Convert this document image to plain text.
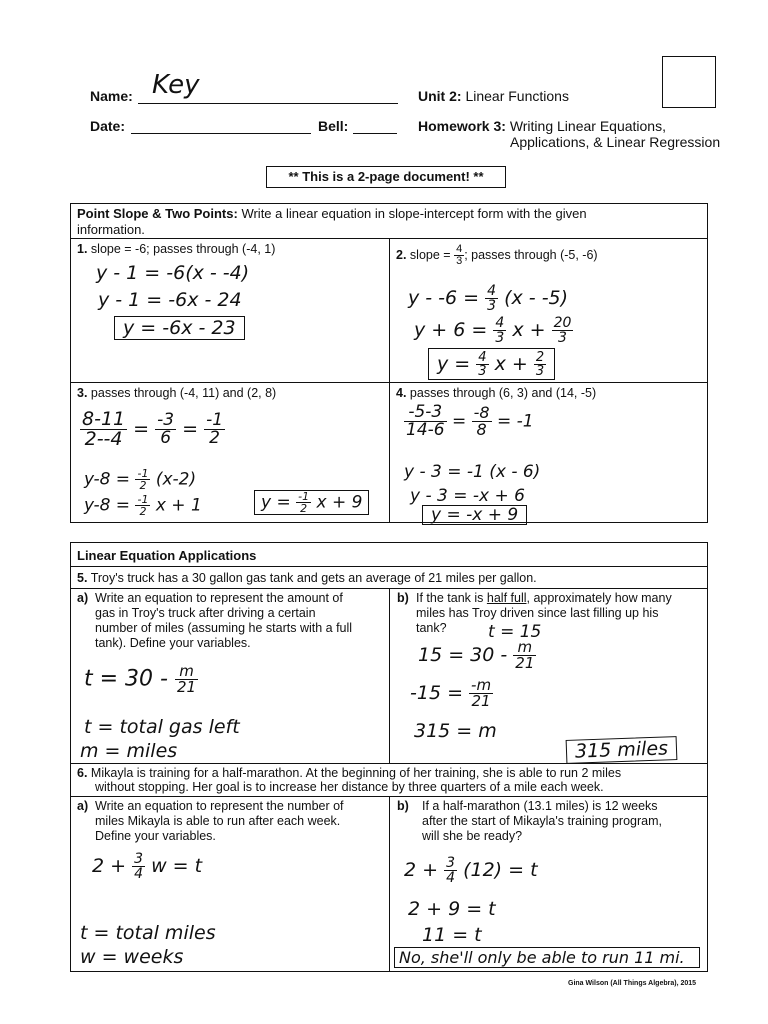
Name: Key
Date:	Bell:
Unit 2: Linear Functions
Homework 3: Writing Linear Equations,
Applications, & Linear Regression
** This is a 2-page document! **
Point Slope & Two Points: Write a linear equation in slope-intercept form with the given
information.
1. slope = -6; passes through (-4, 1)
y - 1 = -6(x - -4)
y - 1 = -6x - 24
y = -6x - 23
2. slope = $\frac{4}{3}$ ; passes through (-5, -6)
$y - -6 = \frac{4}{3} (x - -5)$
$y + 6 = \frac{4}{3}$ $x + \frac{20}{3}$
$y = \frac{4}{3}$ $x + \frac{2}{3}$
3. passes through (-4, 11) and (2, 8)
$\frac{8-11}{2--4} = \frac{-3}{6} = \frac{-1}{2}$
$y-8 = \frac{-1}{2} (x-2)$
$y-8 = \frac{-1}{2}$ x + 1	$y = \frac{-1}{2}$ x + 9
4. passes through (6, 3) and (14, -5)
$\frac{-5-3}{14-6} = \frac{-8}{8} = -1$
y - 3 = -1 (x - 6)
y - 3 = -x + 6
y = -x + 9
Linear Equation Applications
5. Troy's truck has a 30 gallon gas tank and gets an average of 21 miles per gallon.
a) Write an equation to represent the amount of
gas in Troy's truck after driving a certain
number of miles (assuming he starts with a full
tank). Define your variables.
$t = 30 - \frac{m}{21}$
t = total gas left
m = miles
b) If the tank is half full, approximately how many
miles has Troy driven since last filling up his
tank?	t = 15
$15 = 30 - \frac{m}{21}$
$-15 = \frac{-m}{21}$
315 = m
315 miles
6. Mikayla is training for a half-marathon. At the beginning of her training, she is able to run 2 miles
without stopping. Her goal is to increase her distance by three quarters of a mile each week.
a) Write an equation to represent the number of
miles Mikayla is able to run after each week.
Define your variables.
$2 + \frac{3}{4}$ w = t
t = total miles
w = weeks
b) If a half-marathon (13.1 miles) is 12 weeks
after the start of Mikayla's training program,
will she be ready?
$2 + \frac{3}{4} (12) = t$
2 + 9 = t
11 = t
No, she'll only be able to run 11 mi.
Gina Wilson (All Things Algebra), 2015
